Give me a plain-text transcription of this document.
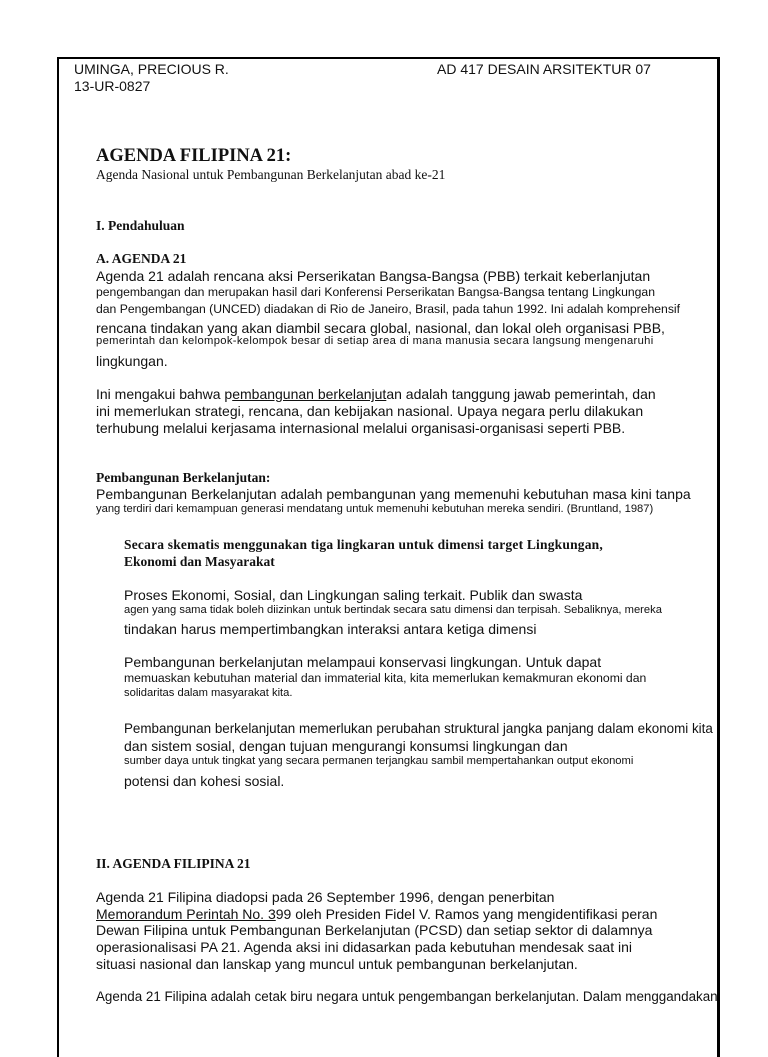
UMINGA, PRECIOUS R.
13-UR-0827
AD 417 DESAIN ARSITEKTUR 07
AGENDA FILIPINA 21:
Agenda Nasional untuk Pembangunan Berkelanjutan abad ke-21
I. Pendahuluan
A. AGENDA 21
Agenda 21 adalah rencana aksi Perserikatan Bangsa-Bangsa (PBB) terkait keberlanjutan
pengembangan dan merupakan hasil dari Konferensi Perserikatan Bangsa-Bangsa tentang Lingkungan
dan Pengembangan (UNCED) diadakan di Rio de Janeiro, Brasil, pada tahun 1992. Ini adalah komprehensif
rencana tindakan yang akan diambil secara global, nasional, dan lokal oleh organisasi PBB,
pemerintah dan kelompok-kelompok besar di setiap area di mana manusia secara langsung mengenaruhi
lingkungan.
Ini mengakui bahwa pembangunan berkelanjutan adalah tanggung jawab pemerintah, dan
ini memerlukan strategi, rencana, dan kebijakan nasional. Upaya negara perlu dilakukan
terhubung melalui kerjasama internasional melalui organisasi-organisasi seperti PBB.
Pembangunan Berkelanjutan:
Pembangunan Berkelanjutan adalah pembangunan yang memenuhi kebutuhan masa kini tanpa
yang terdiri dari kemampuan generasi mendatang untuk memenuhi kebutuhan mereka sendiri. (Bruntland, 1987)
Secara skematis menggunakan tiga lingkaran untuk dimensi target Lingkungan,
Ekonomi dan Masyarakat
Proses Ekonomi, Sosial, dan Lingkungan saling terkait. Publik dan swasta
agen yang sama tidak boleh diizinkan untuk bertindak secara satu dimensi dan terpisah. Sebaliknya, mereka
tindakan harus mempertimbangkan interaksi antara ketiga dimensi
Pembangunan berkelanjutan melampaui konservasi lingkungan. Untuk dapat
memuaskan kebutuhan material dan immaterial kita, kita memerlukan kemakmuran ekonomi dan
solidaritas dalam masyarakat kita.
Pembangunan berkelanjutan memerlukan perubahan struktural jangka panjang dalam ekonomi kita
dan sistem sosial, dengan tujuan mengurangi konsumsi lingkungan dan
sumber daya untuk tingkat yang secara permanen terjangkau sambil mempertahankan output ekonomi
potensi dan kohesi sosial.
II. AGENDA FILIPINA 21
Agenda 21 Filipina diadopsi pada 26 September 1996, dengan penerbitan
Memorandum Perintah No. 399 oleh Presiden Fidel V. Ramos yang mengidentifikasi peran
Dewan Filipina untuk Pembangunan Berkelanjutan (PCSD) dan setiap sektor di dalamnya
operasionalisasi PA 21. Agenda aksi ini didasarkan pada kebutuhan mendesak saat ini
situasi nasional dan lanskap yang muncul untuk pembangunan berkelanjutan.
Agenda 21 Filipina adalah cetak biru negara untuk pengembangan berkelanjutan. Dalam menggandakan
